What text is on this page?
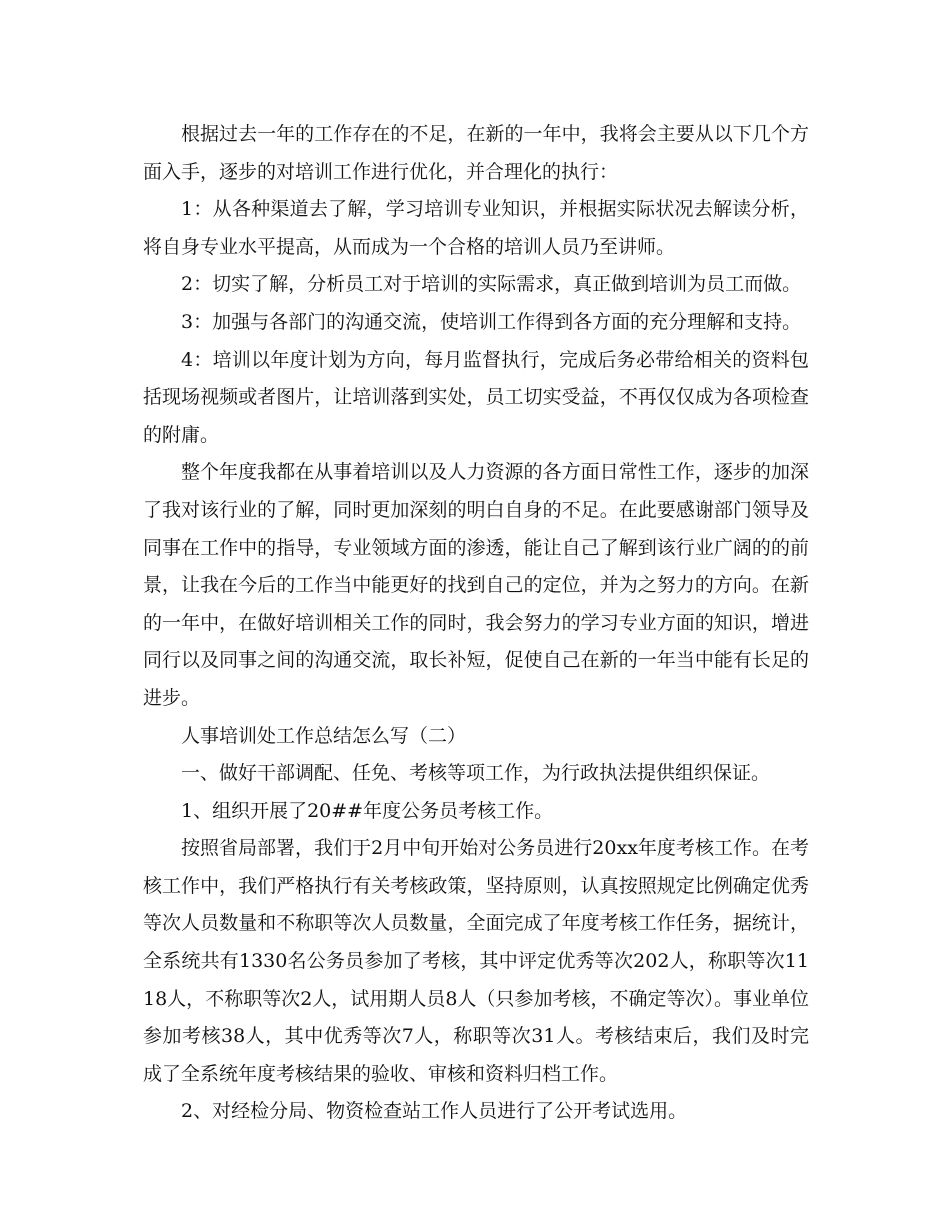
根据过去一年的工作存在的不足，在新的一年中，我将会主要从以下几个方面入手，逐步的对培训工作进行优化，并合理化的执行：

1：从各种渠道去了解，学习培训专业知识，并根据实际状况去解读分析，将自身专业水平提高，从而成为一个合格的培训人员乃至讲师。

2：切实了解，分析员工对于培训的实际需求，真正做到培训为员工而做。

3：加强与各部门的沟通交流，使培训工作得到各方面的充分理解和支持。

4：培训以年度计划为方向，每月监督执行，完成后务必带给相关的资料包括现场视频或者图片，让培训落到实处，员工切实受益，不再仅仅成为各项检查的附庸。

整个年度我都在从事着培训以及人力资源的各方面日常性工作，逐步的加深了我对该行业的了解，同时更加深刻的明白自身的不足。在此要感谢部门领导及同事在工作中的指导，专业领域方面的渗透，能让自己了解到该行业广阔的的前景，让我在今后的工作当中能更好的找到自己的定位，并为之努力的方向。在新的一年中，在做好培训相关工作的同时，我会努力的学习专业方面的知识，增进同行以及同事之间的沟通交流，取长补短，促使自己在新的一年当中能有长足的进步。

人事培训处工作总结怎么写（二）

一、做好干部调配、任免、考核等项工作，为行政执法提供组织保证。

1、组织开展了20##年度公务员考核工作。

按照省局部署，我们于2月中旬开始对公务员进行20xx年度考核工作。在考核工作中，我们严格执行有关考核政策，坚持原则，认真按照规定比例确定优秀等次人员数量和不称职等次人员数量，全面完成了年度考核工作任务，据统计，全系统共有1330名公务员参加了考核，其中评定优秀等次202人，称职等次1118人，不称职等次2人，试用期人员8人（只参加考核，不确定等次）。事业单位参加考核38人，其中优秀等次7人，称职等次31人。考核结束后，我们及时完成了全系统年度考核结果的验收、审核和资料归档工作。

2、对经检分局、物资检查站工作人员进行了公开考试选用。
